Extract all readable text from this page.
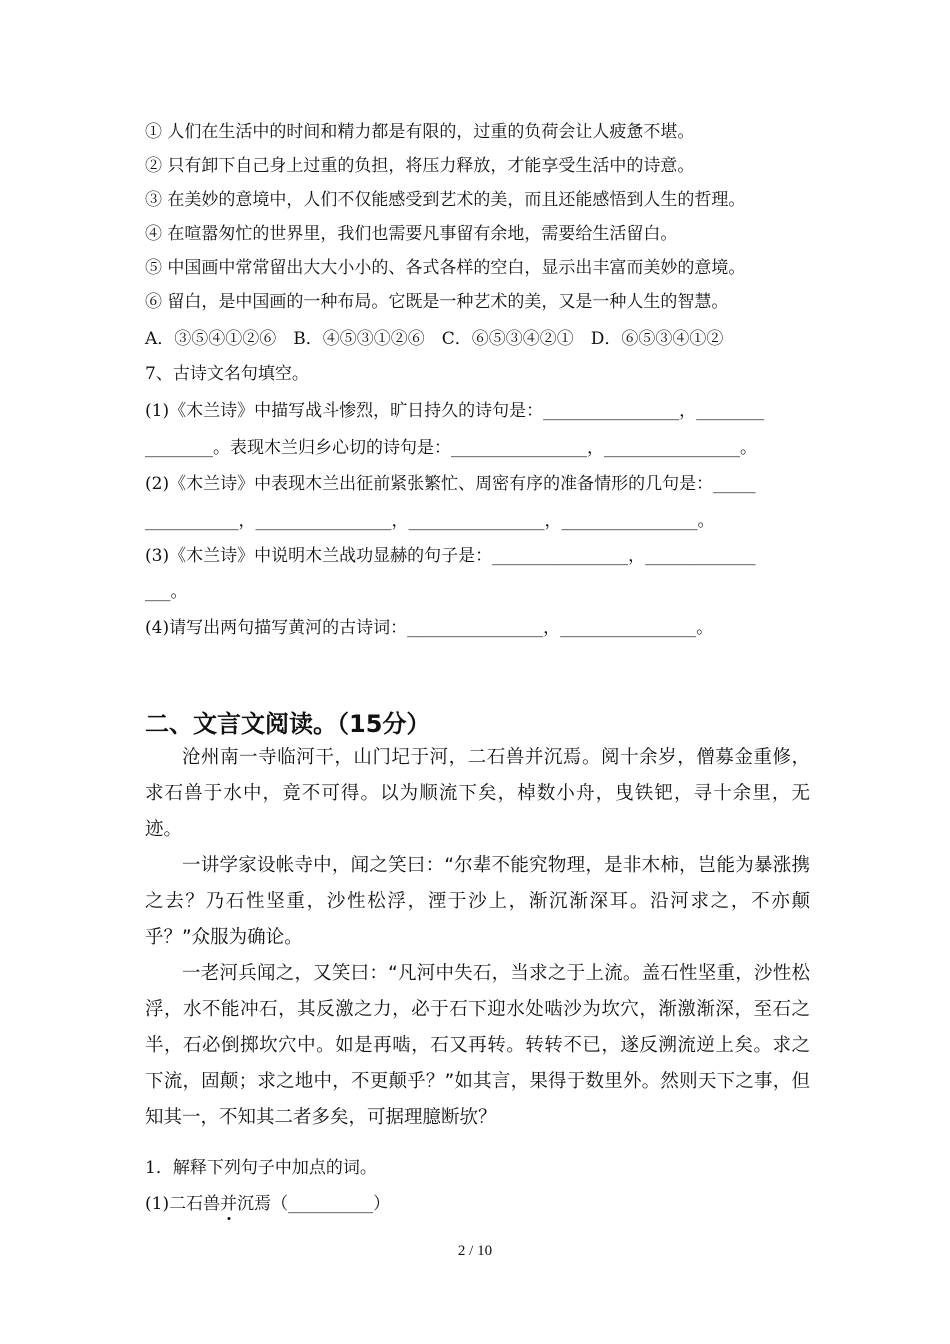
① 人们在生活中的时间和精力都是有限的，过重的负荷会让人疲惫不堪。
② 只有卸下自己身上过重的负担，将压力释放，才能享受生活中的诗意。
③ 在美妙的意境中，人们不仅能感受到艺术的美，而且还能感悟到人生的哲理。
④ 在喧嚣匆忙的世界里，我们也需要凡事留有余地，需要给生活留白。
⑤ 中国画中常常留出大大小小的、各式各样的空白，显示出丰富而美妙的意境。
⑥ 留白，是中国画的一种布局。它既是一种艺术的美，又是一种人生的智慧。
A．③⑤④①②⑥　B．④⑤③①②⑥　C．⑥⑤③④②①　D．⑥⑤③④①②
7、古诗文名句填空。
(1)《木兰诗》中描写战斗惨烈，旷日持久的诗句是：________________，________
________。表现木兰归乡心切的诗句是：________________，________________。
(2)《木兰诗》中表现木兰出征前紧张繁忙、周密有序的准备情形的几句是：_____
___________，________________，________________，________________。
(3)《木兰诗》中说明木兰战功显赫的句子是：________________，_____________
___。
(4)请写出两句描写黄河的古诗词：________________，________________。
二、文言文阅读。（15分）

沧州南一寺临河干，山门圮于河，二石兽并沉焉。阅十余岁，僧募金重修，求石兽于水中，竟不可得。以为顺流下矣，棹数小舟，曳铁钯，寻十余里，无迹。

一讲学家设帐寺中，闻之笑曰：“尔辈不能究物理，是非木柿，岂能为暴涨携之去？乃石性坚重，沙性松浮，湮于沙上，渐沉渐深耳。沿河求之，不亦颠乎？”众服为确论。

一老河兵闻之，又笑曰：“凡河中失石，当求之于上流。盖石性坚重，沙性松浮，水不能冲石，其反激之力，必于石下迎水处啮沙为坎穴，渐激渐深，至石之半，石必倒掷坎穴中。如是再啮，石又再转。转转不已，遂反溯流逆上矣。求之下流，固颠；求之地中，不更颠乎？”如其言，果得于数里外。然则天下之事，但知其一，不知其二者多矣，可据理臆断欤？

1．解释下列句子中加点的词。
(1)二石兽并沉焉（__________）
2 / 10
